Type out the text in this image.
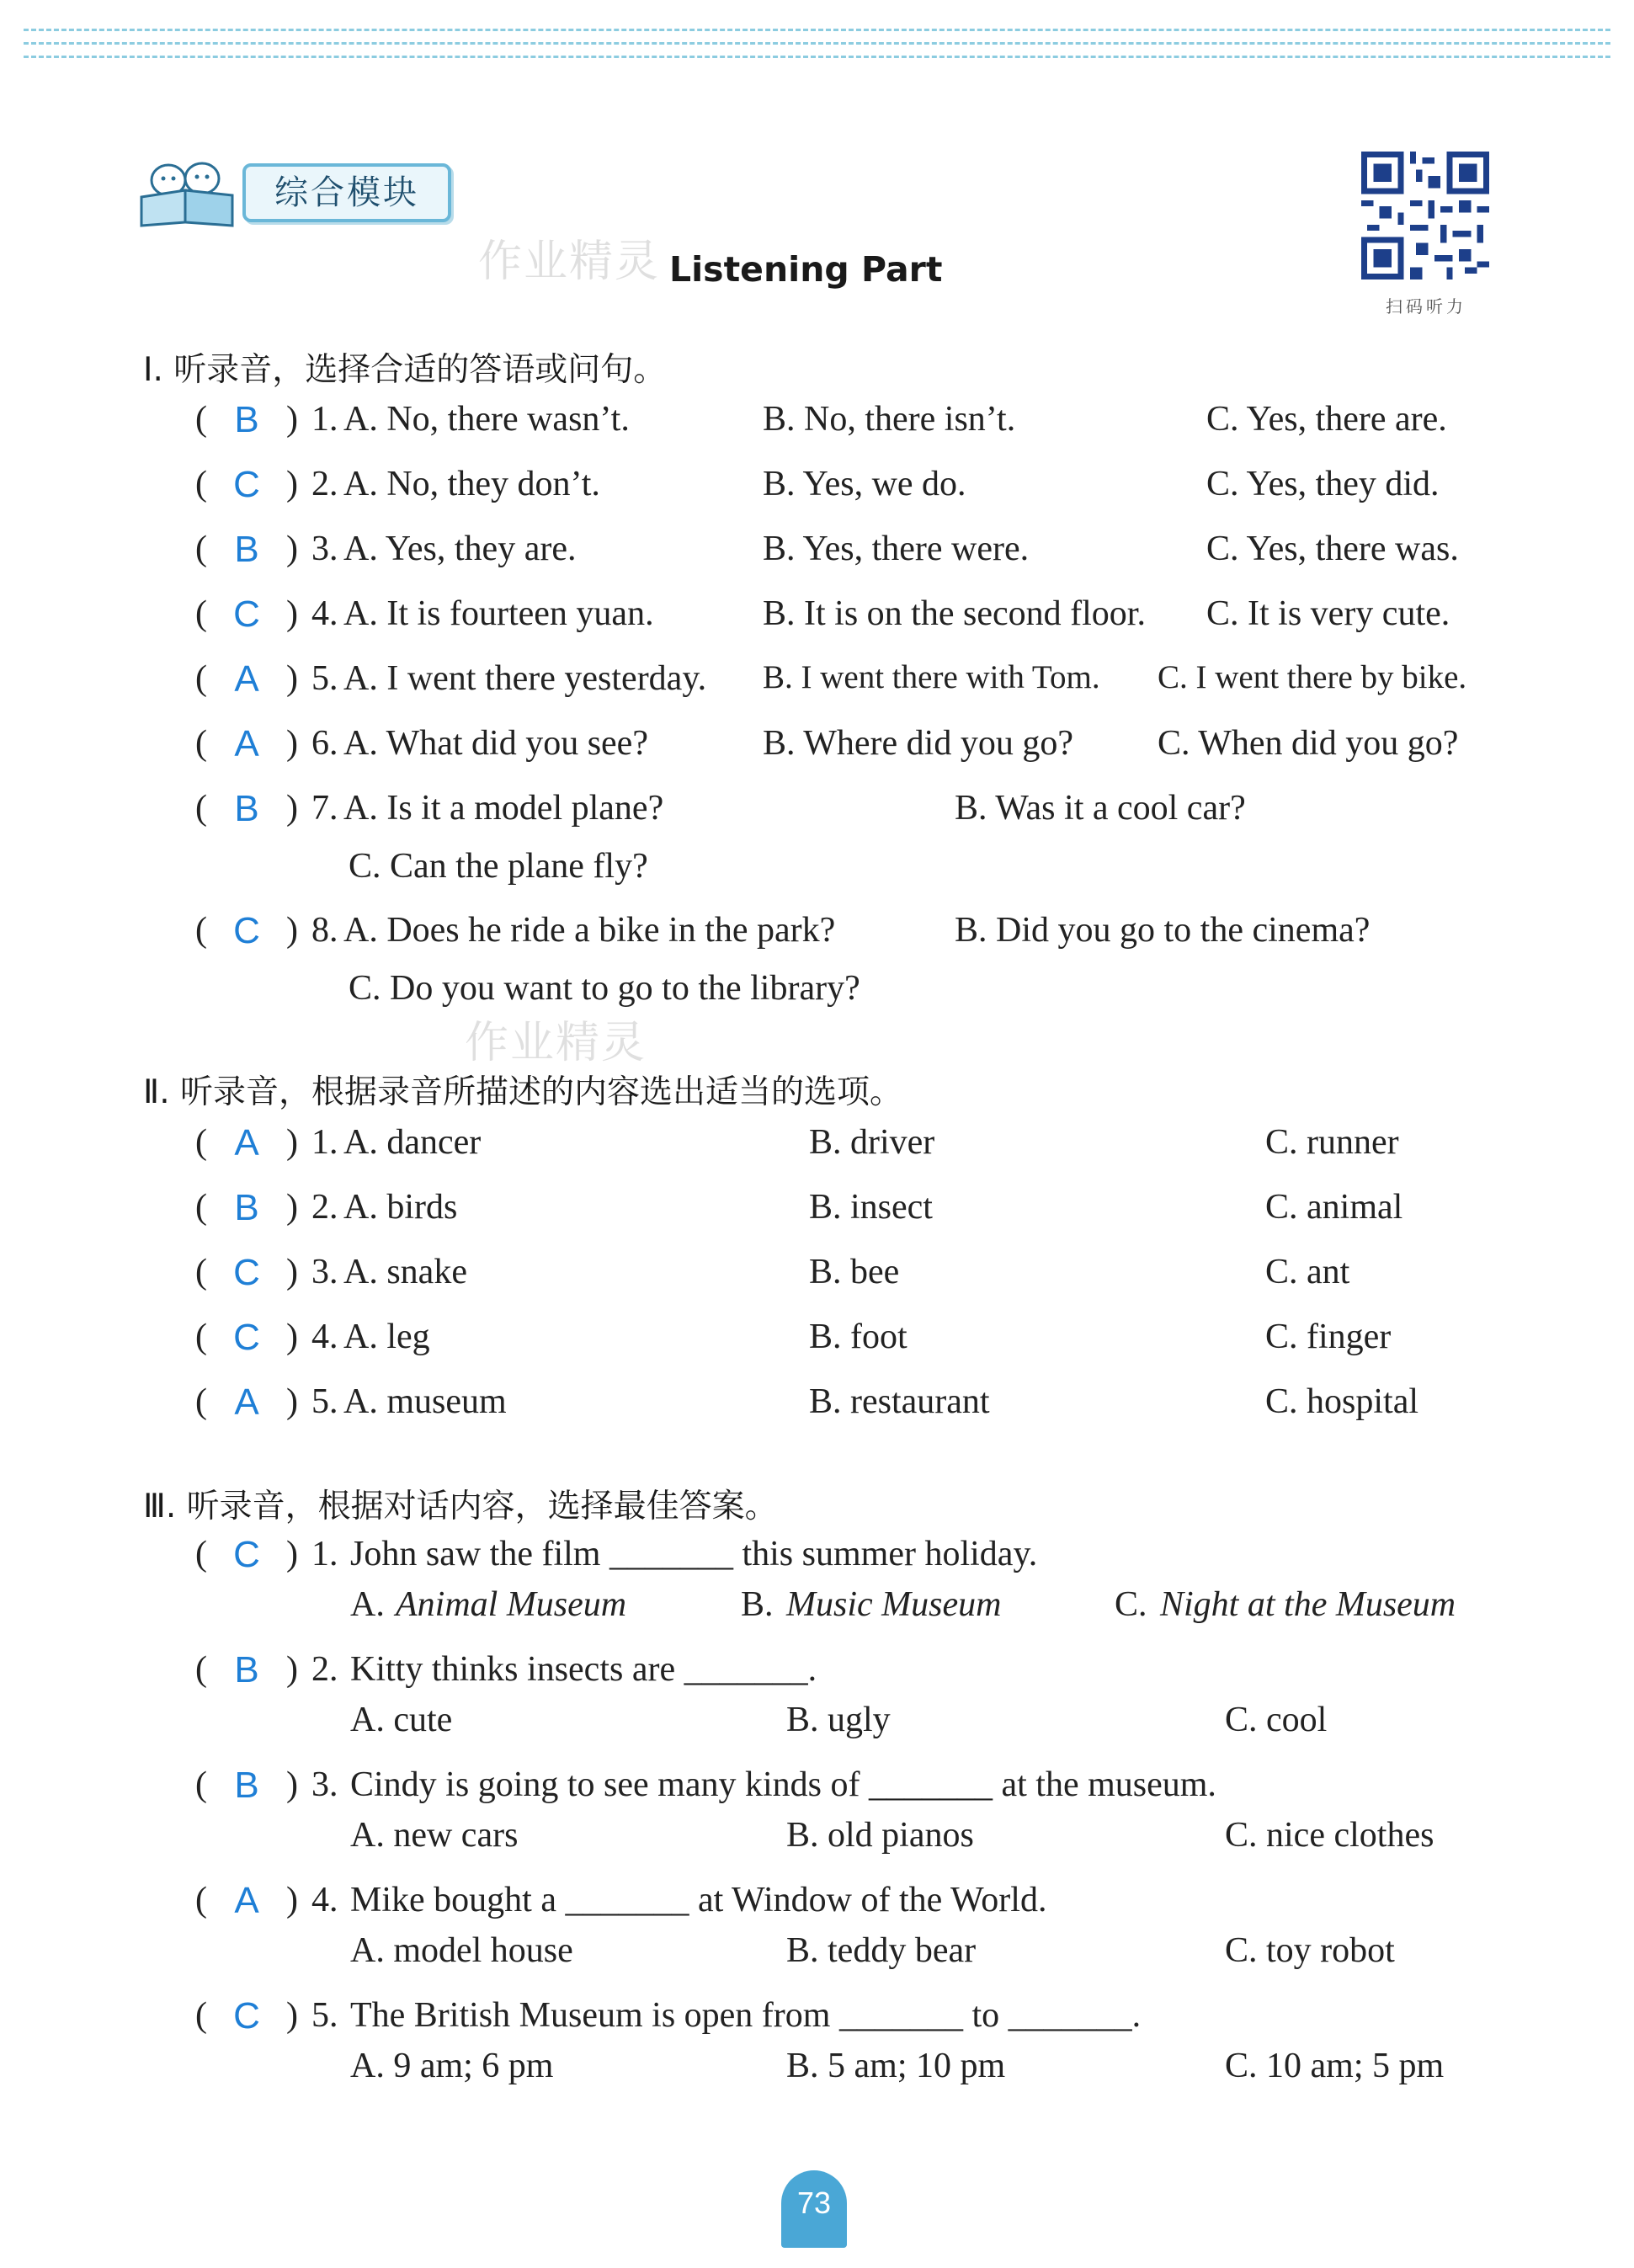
综合模块
作业精灵 Listening Part
扫码听力
Ⅰ. 听录音，选择合适的答语或问句。
( B ) 1. A. No, there wasn’t.	B. No, there isn’t.	C. Yes, there are.
( C ) 2. A. No, they don’t.	B. Yes, we do.	C. Yes, they did.
( B ) 3. A. Yes, they are.	B. Yes, there were.	C. Yes, there was.
( C ) 4. A. It is fourteen yuan.	B. It is on the second floor. C. It is very cute.
( A ) 5. A. I went there yesterday. B. I went there with Tom. C. I went there by bike.
( A ) 6. A. What did you see?	B. Where did you go? C. When did you go?
( B ) 7. A. Is it a model plane?	B. Was it a cool car?
C. Can the plane fly?
( C ) 8. A. Does he ride a bike in the park?	B. Did you go to the cinema?
C. Do you want to go to the library?
作业精灵
Ⅱ. 听录音，根据录音所描述的内容选出适当的选项。
( A ) 1. A. dancer	B. driver	C. runner
( B ) 2. A. birds	B. insect	C. animal
( C ) 3. A. snake	B. bee	C. ant
( C ) 4. A. leg	B. foot	C. finger
( A ) 5. A. museum	B. restaurant	C. hospital
Ⅲ. 听录音，根据对话内容，选择最佳答案。
( C ) 1. John saw the film _______ this summer holiday.
A. Animal Museum	B. Music Museum	C. Night at the Museum
( B ) 2. Kitty thinks insects are _______.
A. cute	B. ugly	C. cool
( B ) 3. Cindy is going to see many kinds of _______ at the museum.
A. new cars	B. old pianos	C. nice clothes
( A ) 4. Mike bought a _______ at Window of the World.
A. model house	B. teddy bear	C. toy robot
( C ) 5. The British Museum is open from _______ to _______.
A. 9 am; 6 pm	B. 5 am; 10 pm	C. 10 am; 5 pm
73
